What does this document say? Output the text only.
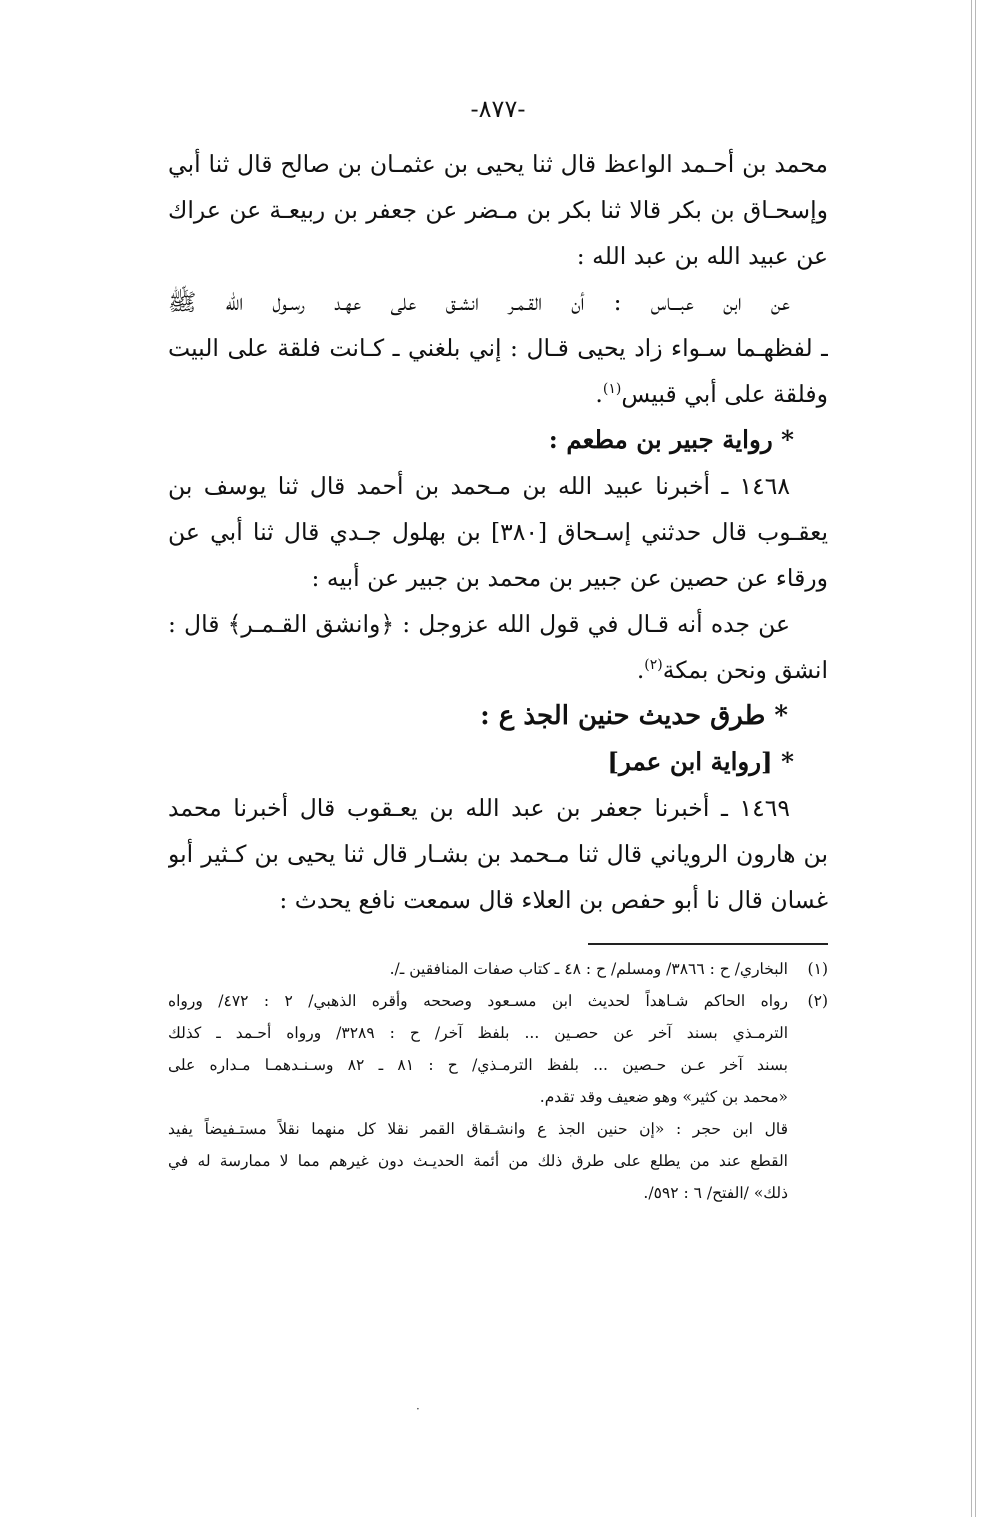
-٨٧٧-
محمد بن أحـمد الواعظ قال ثنا يحيى بن عثمـان بن صالح قال ثنا أبي
وإسحـاق بن بكر قالا ثنا بكر بن مـضر عن جعفر بن ربيعـة عن عراك
عن عبيد الله بن عبد الله :
عن ابن عبـــاس : أن القـمـر انشـق على عهـد رسـول الله ﷺ
ـ لفظهـما سـواء زاد يحيى قـال : إني بلغني ـ كـانت فلقة على البيت
وفلقة على أبي قبيس$^{(١)}$.
* رواية جبير بن مطعم :
١٤٦٨ ـ أخبرنا عبيد الله بن مـحمد بن أحمد قال ثنا يوسف بن
يعقـوب قال حدثني إسـحاق [٣٨٠] بن بهلول جـدي قال ثنا أبي عن
ورقاء عن حصين عن جبير بن محمد بن جبير عن أبيه :
عن جده أنه قـال في قول الله عزوجل : ﴿وانشق القـمـر﴾ قال :
انشق ونحن بمكة$^{(٢)}$.
* طرق حديث حنين الجذ ع :
* [رواية ابن عمر]
١٤٦٩ ـ أخبرنا جعفر بن عبد الله بن يعـقوب قال أخبرنا محمد
بن هارون الروياني قال ثنا مـحمد بن بشـار قال ثنا يحيى بن كـثير أبو
غسان قال نا أبو حفص بن العلاء قال سمعت نافع يحدث :
(١)البخاري/ ح : ٣٨٦٦/ ومسلم/ ح : ٤٨ ـ كتاب صفات المنافقين ـ/.
(٢)رواه الحاكم شـاهداً لحديث ابن مسـعود وصححه وأقره الذهبي/ ٢ : ٤٧٢/ ورواه
الترمـذي بسند آخر عن حصـين ... بلفظ آخر/ ح : ٣٢٨٩/ ورواه أحـمد ـ كذلك
بسند آخر عـن حـصين ... بلفظ الترمـذي/ ح : ٨١ ـ ٨٢ وسـنـدهمـا مـداره على
«محمد بن كثير» وهو ضعيف وقد تقدم.
قال ابن حجر : «إن حنين الجذ ع وانشـقاق القمر نقلا كل منهما نقلاً مستـفيضاً يفيد
القطع عند من يطلع على طرق ذلك من أئمة الحديـث دون غيرهم مما لا ممارسة له في
ذلك» /الفتح/ ٦ : ٥٩٢/.
·
